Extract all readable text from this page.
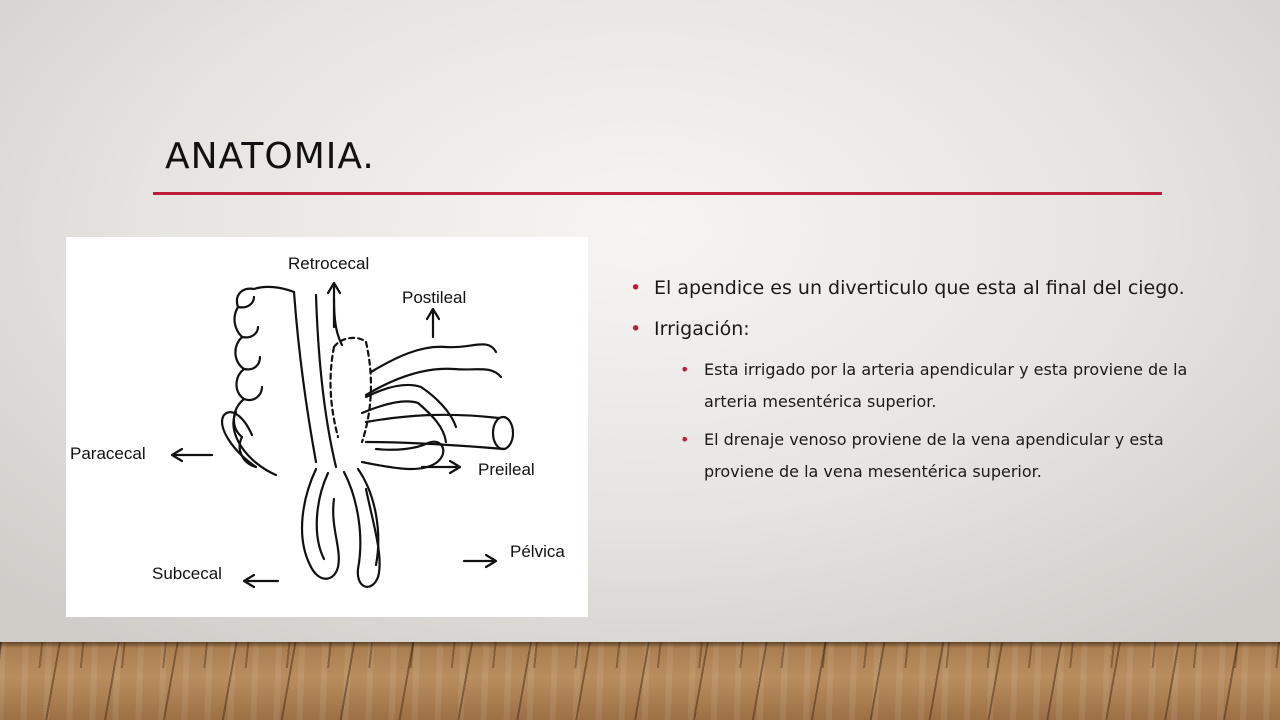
ANATOMIA.
Retrocecal
Postileal
Paracecal
Preileal
Subcecal
Pélvica

• El apendice es un diverticulo que esta al final del ciego.

• Irrigación:

• Esta irrigado por la arteria apendicular y esta proviene de la arteria mesentérica superior.

• El drenaje venoso proviene de la vena apendicular y esta proviene de la vena mesentérica superior.
